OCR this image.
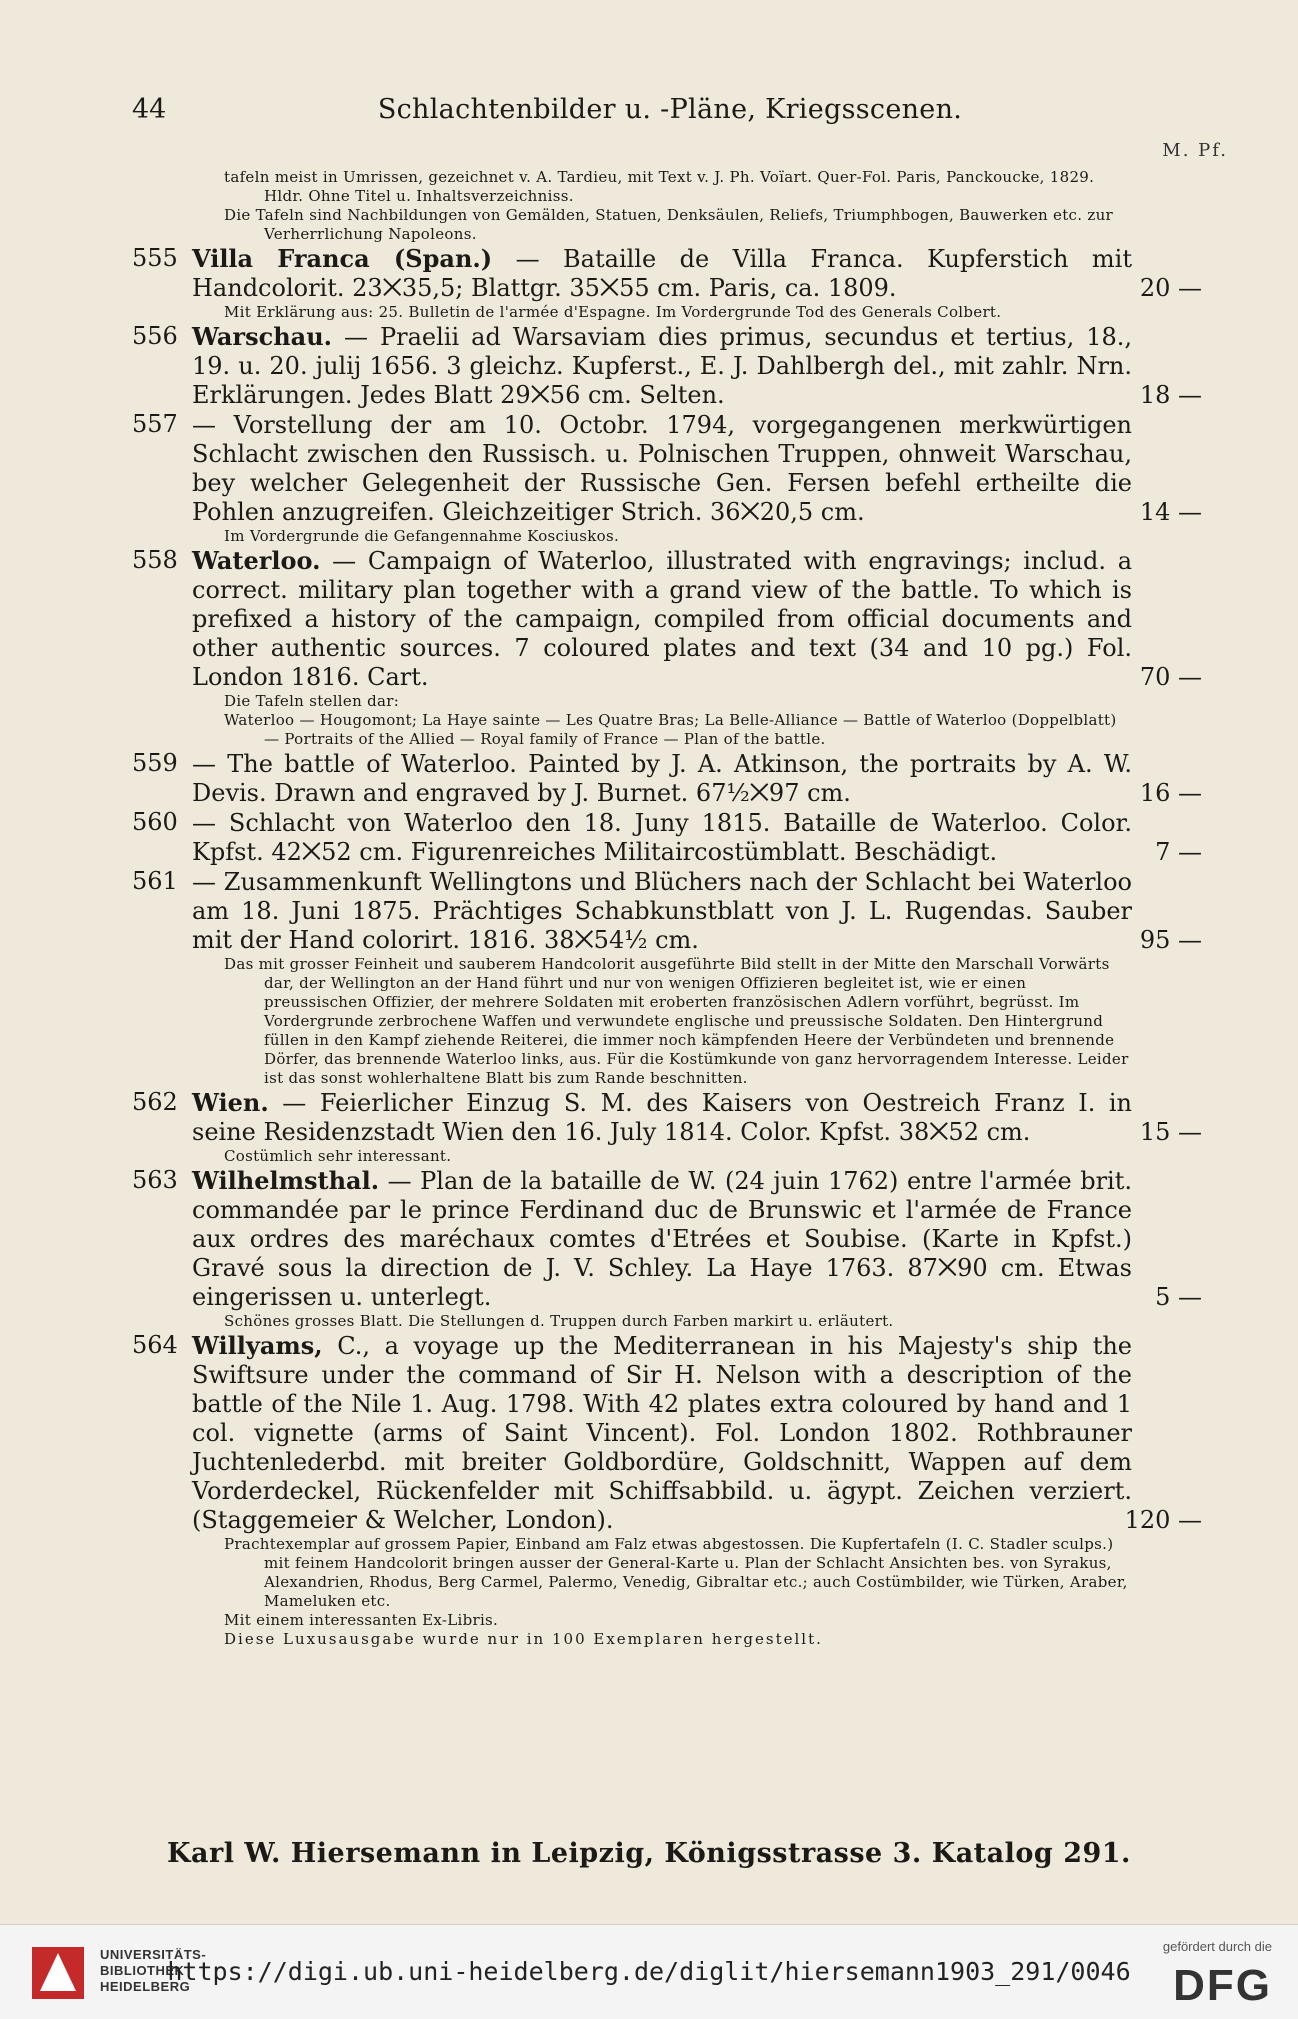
44	Schlachtenbilder u. -Pläne, Kriegsscenen.
M. Pf.
tafeln meist in Umrissen, gezeichnet v. A. Tardieu, mit Text v. J. Ph. Voïart. Quer-Fol. Paris, Panckoucke, 1829. Hldr. Ohne Titel u. Inhaltsverzeichniss.
Die Tafeln sind Nachbildungen von Gemälden, Statuen, Denksäulen, Reliefs, Triumphbogen, Bauwerken etc. zur Verherrlichung Napoleons.
555 Villa Franca (Span.) — Bataille de Villa Franca. Kupferstich mit Handcolorit. 23⨉35,5; Blattgr. 35⨉55 cm. Paris, ca. 1809.	20 —
Mit Erklärung aus: 25. Bulletin de l'armée d'Espagne. Im Vordergrunde Tod des Generals Colbert.
556 Warschau. — Praelii ad Warsaviam dies primus, secundus et tertius, 18., 19. u. 20. julij 1656. 3 gleichz. Kupferst., E. J. Dahlbergh del., mit zahlr. Nrn. Erklärungen. Jedes Blatt 29⨉56 cm. Selten.	18 —
557 — Vorstellung der am 10. Octobr. 1794, vorgegangenen merkwürtigen Schlacht zwischen den Russisch. u. Polnischen Truppen, ohnweit Warschau, bey welcher Gelegenheit der Russische Gen. Fersen befehl ertheilte die Pohlen anzugreifen. Gleichzeitiger Strich. 36⨉20,5 cm.	14 —
Im Vordergrunde die Gefangennahme Kosciuskos.
558 Waterloo. — Campaign of Waterloo, illustrated with engravings; includ. a correct. military plan together with a grand view of the battle. To which is prefixed a history of the campaign, compiled from official documents and other authentic sources. 7 coloured plates and text (34 and 10 pg.) Fol. London 1816. Cart.	70 —
Die Tafeln stellen dar:
Waterloo — Hougomont; La Haye sainte — Les Quatre Bras; La Belle-Alliance — Battle of Waterloo (Doppelblatt) — Portraits of the Allied — Royal family of France — Plan of the battle.
559 — The battle of Waterloo. Painted by J. A. Atkinson, the portraits by A. W. Devis. Drawn and engraved by J. Burnet. 67½⨉97 cm.	16 —
560 — Schlacht von Waterloo den 18. Juny 1815. Bataille de Waterloo. Color. Kpfst. 42⨉52 cm. Figurenreiches Militaircostümblatt. Beschädigt.	7 —
561 — Zusammenkunft Wellingtons und Blüchers nach der Schlacht bei Waterloo am 18. Juni 1875. Prächtiges Schabkunstblatt von J. L. Rugendas. Sauber mit der Hand colorirt. 1816. 38⨉54½ cm.	95 —
Das mit grosser Feinheit und sauberem Handcolorit ausgeführte Bild stellt in der Mitte den Marschall Vorwärts dar, der Wellington an der Hand führt und nur von wenigen Offizieren begleitet ist, wie er einen preussischen Offizier, der mehrere Soldaten mit eroberten französischen Adlern vorführt, begrüsst. Im Vordergrunde zerbrochene Waffen und verwundete englische und preussische Soldaten. Den Hintergrund füllen in den Kampf ziehende Reiterei, die immer noch kämpfenden Heere der Verbündeten und brennende Dörfer, das brennende Waterloo links, aus. Für die Kostümkunde von ganz hervorragendem Interesse. Leider ist das sonst wohlerhaltene Blatt bis zum Rande beschnitten.
562 Wien. — Feierlicher Einzug S. M. des Kaisers von Oestreich Franz I. in seine Residenzstadt Wien den 16. July 1814. Color. Kpfst. 38⨉52 cm.	15 —
Costümlich sehr interessant.
563 Wilhelmsthal. — Plan de la bataille de W. (24 juin 1762) entre l'armée brit. commandée par le prince Ferdinand duc de Brunswic et l'armée de France aux ordres des maréchaux comtes d'Etrées et Soubise. (Karte in Kpfst.) Gravé sous la direction de J. V. Schley. La Haye 1763. 87⨉90 cm. Etwas eingerissen u. unterlegt.	5 —
Schönes grosses Blatt. Die Stellungen d. Truppen durch Farben markirt u. erläutert.
564 Willyams, C., a voyage up the Mediterranean in his Majesty's ship the Swiftsure under the command of Sir H. Nelson with a description of the battle of the Nile 1. Aug. 1798. With 42 plates extra coloured by hand and 1 col. vignette (arms of Saint Vincent). Fol. London 1802. Rothbrauner Juchtenlederbd. mit breiter Goldbordüre, Goldschnitt, Wappen auf dem Vorderdeckel, Rückenfelder mit Schiffsabbild. u. ägypt. Zeichen verziert. (Staggemeier & Welcher, London).	120 —
Prachtexemplar auf grossem Papier, Einband am Falz etwas abgestossen. Die Kupfertafeln (I. C. Stadler sculps.) mit feinem Handcolorit bringen ausser der General-Karte u. Plan der Schlacht Ansichten bes. von Syrakus, Alexandrien, Rhodus, Berg Carmel, Palermo, Venedig, Gibraltar etc.; auch Costümbilder, wie Türken, Araber, Mameluken etc.
Mit einem interessanten Ex-Libris.
Diese Luxusausgabe wurde nur in 100 Exemplaren hergestellt.
Karl W. Hiersemann in Leipzig, Königsstrasse 3. Katalog 291.
UNIVERSITÄTS-
BIBLIOTHEK
HEIDELBERG
https://digi.ub.uni-heidelberg.de/diglit/hiersemann1903_291/0046
gefördert durch die
DFG
